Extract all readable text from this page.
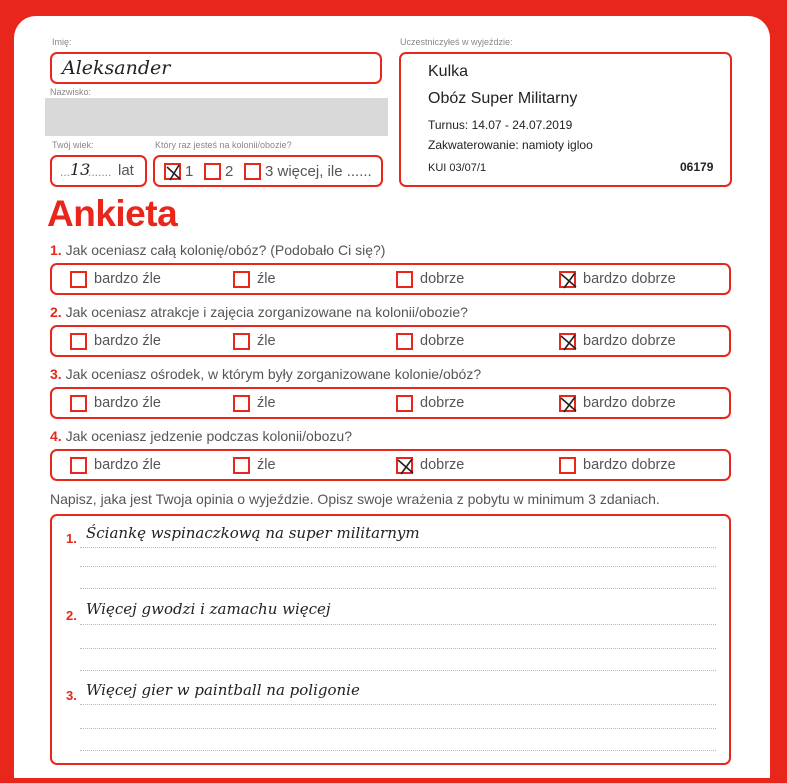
Imię:
Aleksander
Nazwisko:
Twój wiek:
... 13
....... lat
Który raz jesteś na kolonii/obozie?
1 2 3 więcej, ile ......
Uczestniczyłeś w wyjeździe:
Kulka
Obóz Super Militarny
Turnus: 14.07 - 24.07.2019
Zakwaterowanie: namioty igloo
KUI 03/07/1	06179
Ankieta
1. Jak oceniasz całą kolonię/obóz? (Podobało Ci się?)
bardzo źle	źle	dobrze	bardzo dobrze
2. Jak oceniasz atrakcje i zajęcia zorganizowane na kolonii/obozie?
bardzo źle	źle	dobrze	bardzo dobrze
3. Jak oceniasz ośrodek, w którym były zorganizowane kolonie/obóz?
bardzo źle	źle	dobrze	bardzo dobrze
4. Jak oceniasz jedzenie podczas kolonii/obozu?
bardzo źle	źle	dobrze	bardzo dobrze
Napisz, jaka jest Twoja opinia o wyjeździe. Opisz swoje wrażenia z pobytu w minimum 3 zdaniach.
1. Ściankę wspinaczkową na super militarnym
2. Więcej gwodzi i zamachu więcej
3. Więcej gier w paintball na poligonie
